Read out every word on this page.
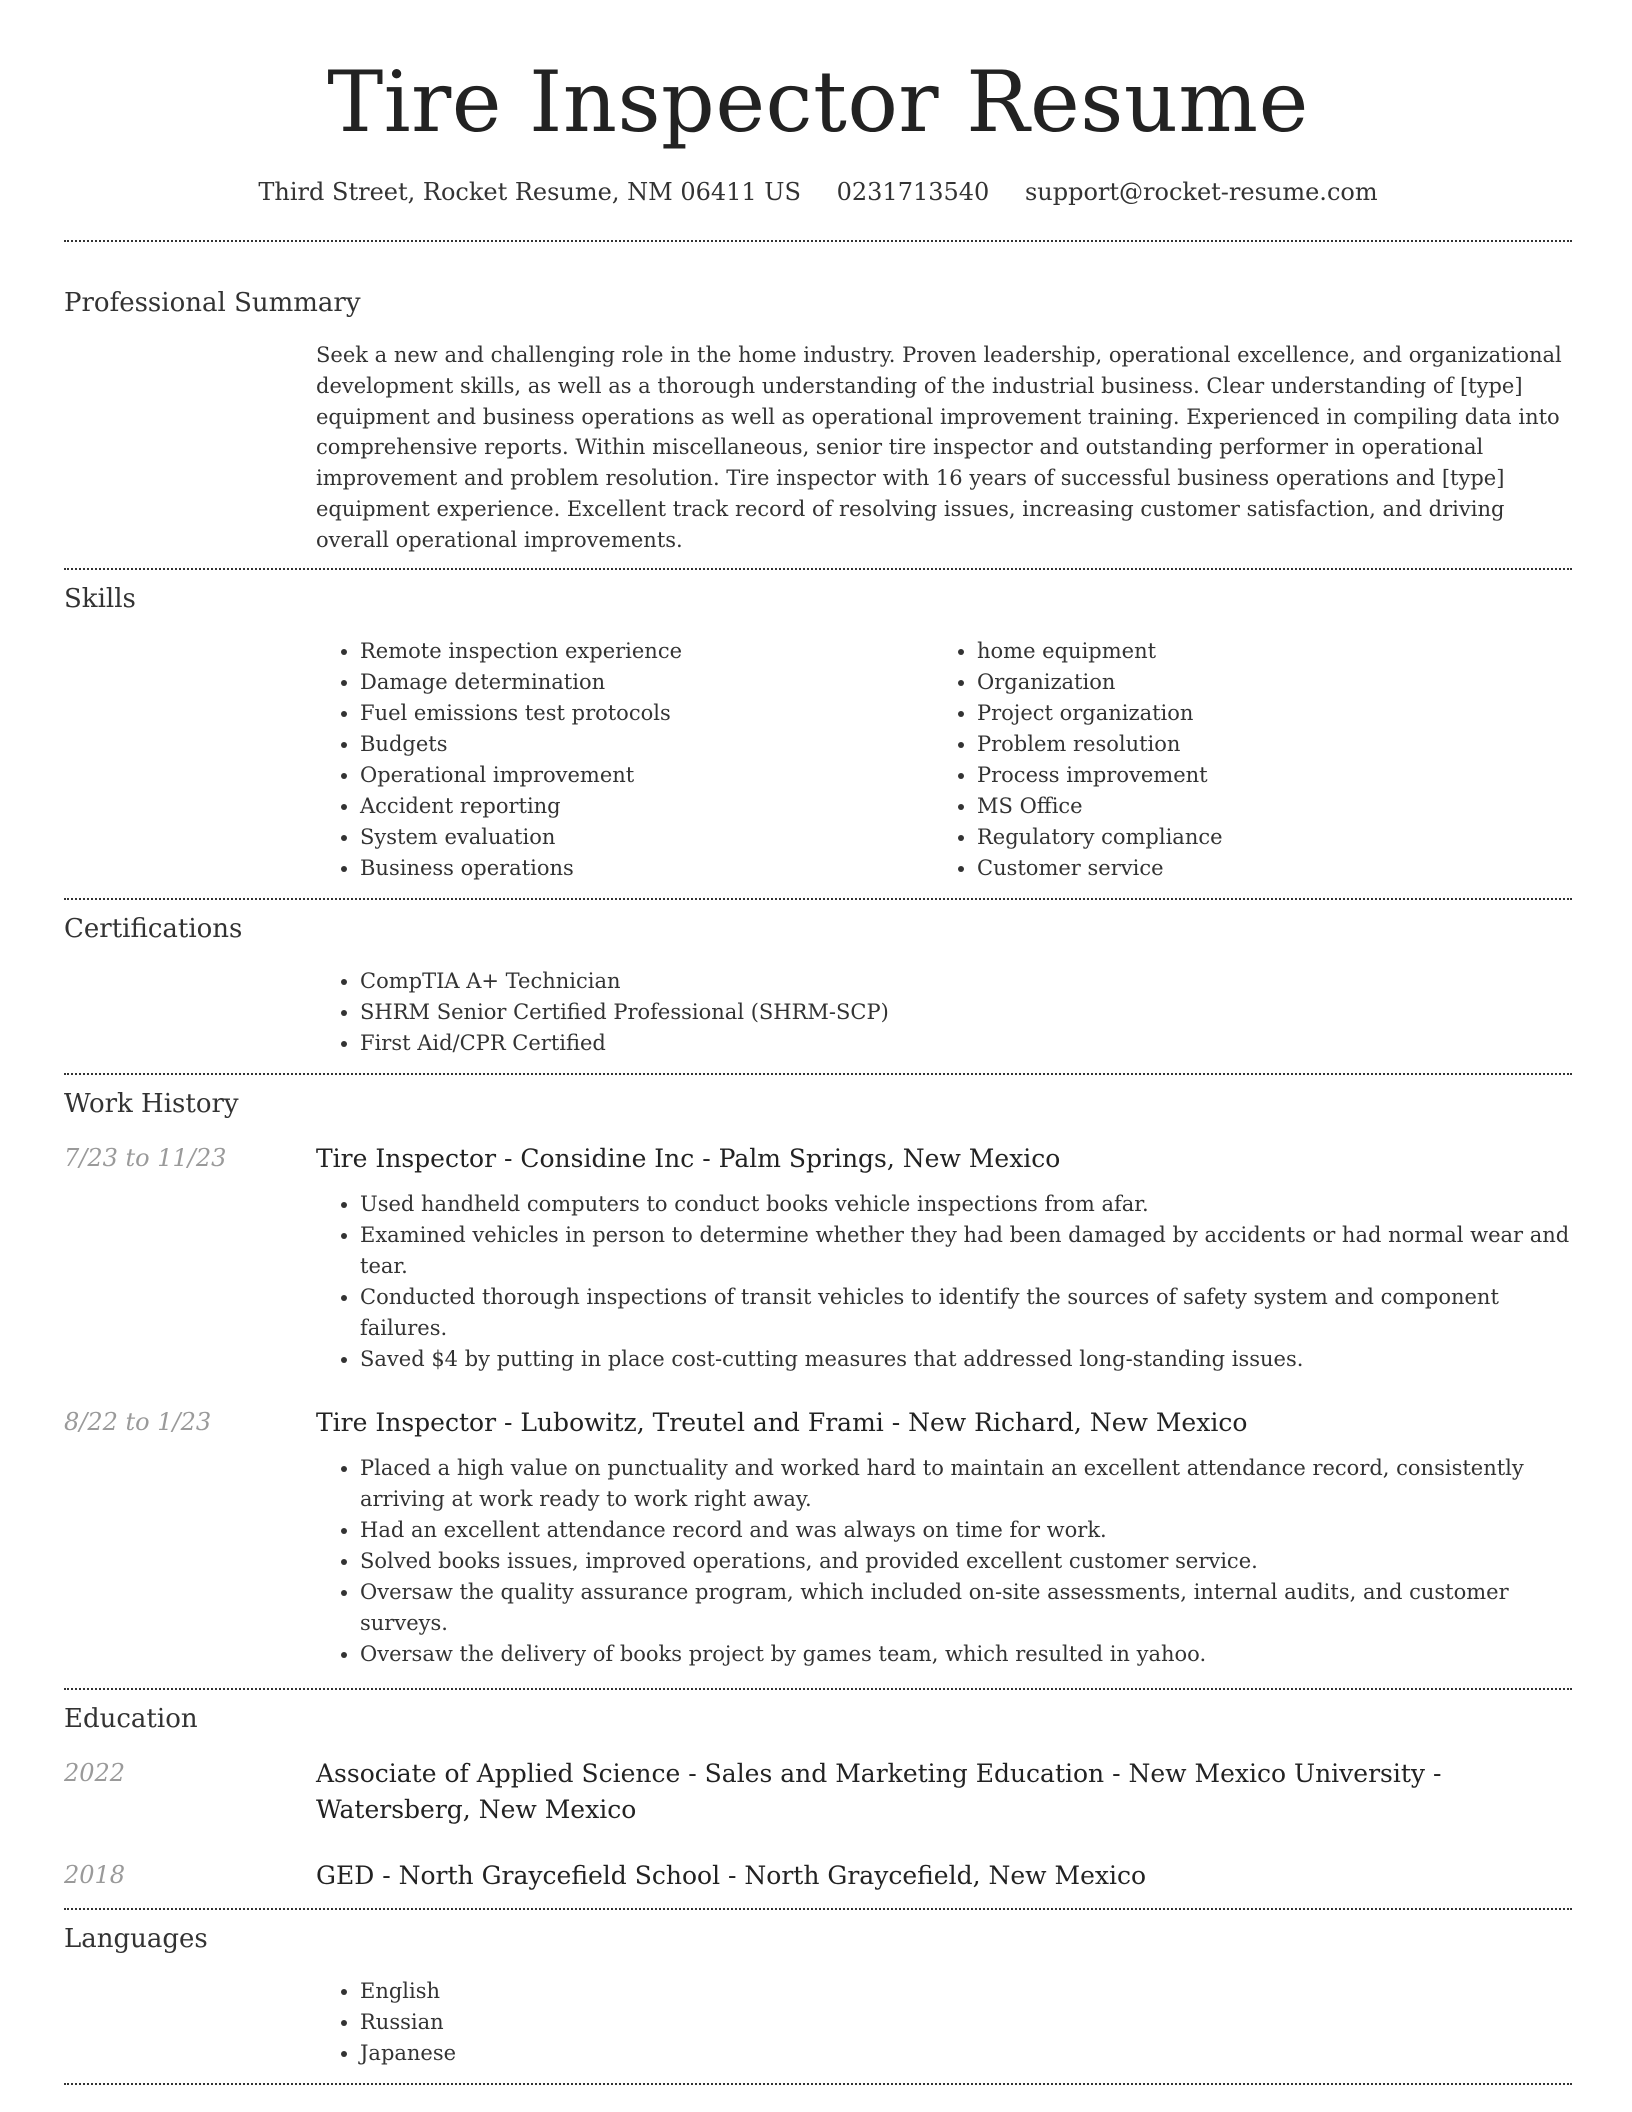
Tire Inspector Resume
Third Street, Rocket Resume, NM 06411 US 0231713540 support@rocket-resume.com
Professional Summary
Seek a new and challenging role in the home industry. Proven leadership, operational excellence, and organizational development skills, as well as a thorough understanding of the industrial business. Clear understanding of [type] equipment and business operations as well as operational improvement training. Experienced in compiling data into comprehensive reports. Within miscellaneous, senior tire inspector and outstanding performer in operational improvement and problem resolution. Tire inspector with 16 years of successful business operations and [type] equipment experience. Excellent track record of resolving issues, increasing customer satisfaction, and driving overall operational improvements.
Skills
• Remote inspection experience
• Damage determination
• Fuel emissions test protocols
• Budgets
• Operational improvement
• Accident reporting
• System evaluation
• Business operations
• home equipment
• Organization
• Project organization
• Problem resolution
• Process improvement
• MS Office
• Regulatory compliance
• Customer service
Certifications
• CompTIA A+ Technician
• SHRM Senior Certified Professional (SHRM-SCP)
• First Aid/CPR Certified
Work History
7/23 to 11/23	Tire Inspector - Considine Inc - Palm Springs, New Mexico
• Used handheld computers to conduct books vehicle inspections from afar.
• Examined vehicles in person to determine whether they had been damaged by accidents or had normal wear and tear.
• Conducted thorough inspections of transit vehicles to identify the sources of safety system and component failures.
• Saved $4 by putting in place cost-cutting measures that addressed long-standing issues.
8/22 to 1/23	Tire Inspector - Lubowitz, Treutel and Frami - New Richard, New Mexico
• Placed a high value on punctuality and worked hard to maintain an excellent attendance record, consistently arriving at work ready to work right away.
• Had an excellent attendance record and was always on time for work.
• Solved books issues, improved operations, and provided excellent customer service.
• Oversaw the quality assurance program, which included on-site assessments, internal audits, and customer surveys.
• Oversaw the delivery of books project by games team, which resulted in yahoo.
Education
2022	Associate of Applied Science - Sales and Marketing Education - New Mexico University - Watersberg, New Mexico
2018	GED - North Graycefield School - North Graycefield, New Mexico
Languages
• English
• Russian
• Japanese
